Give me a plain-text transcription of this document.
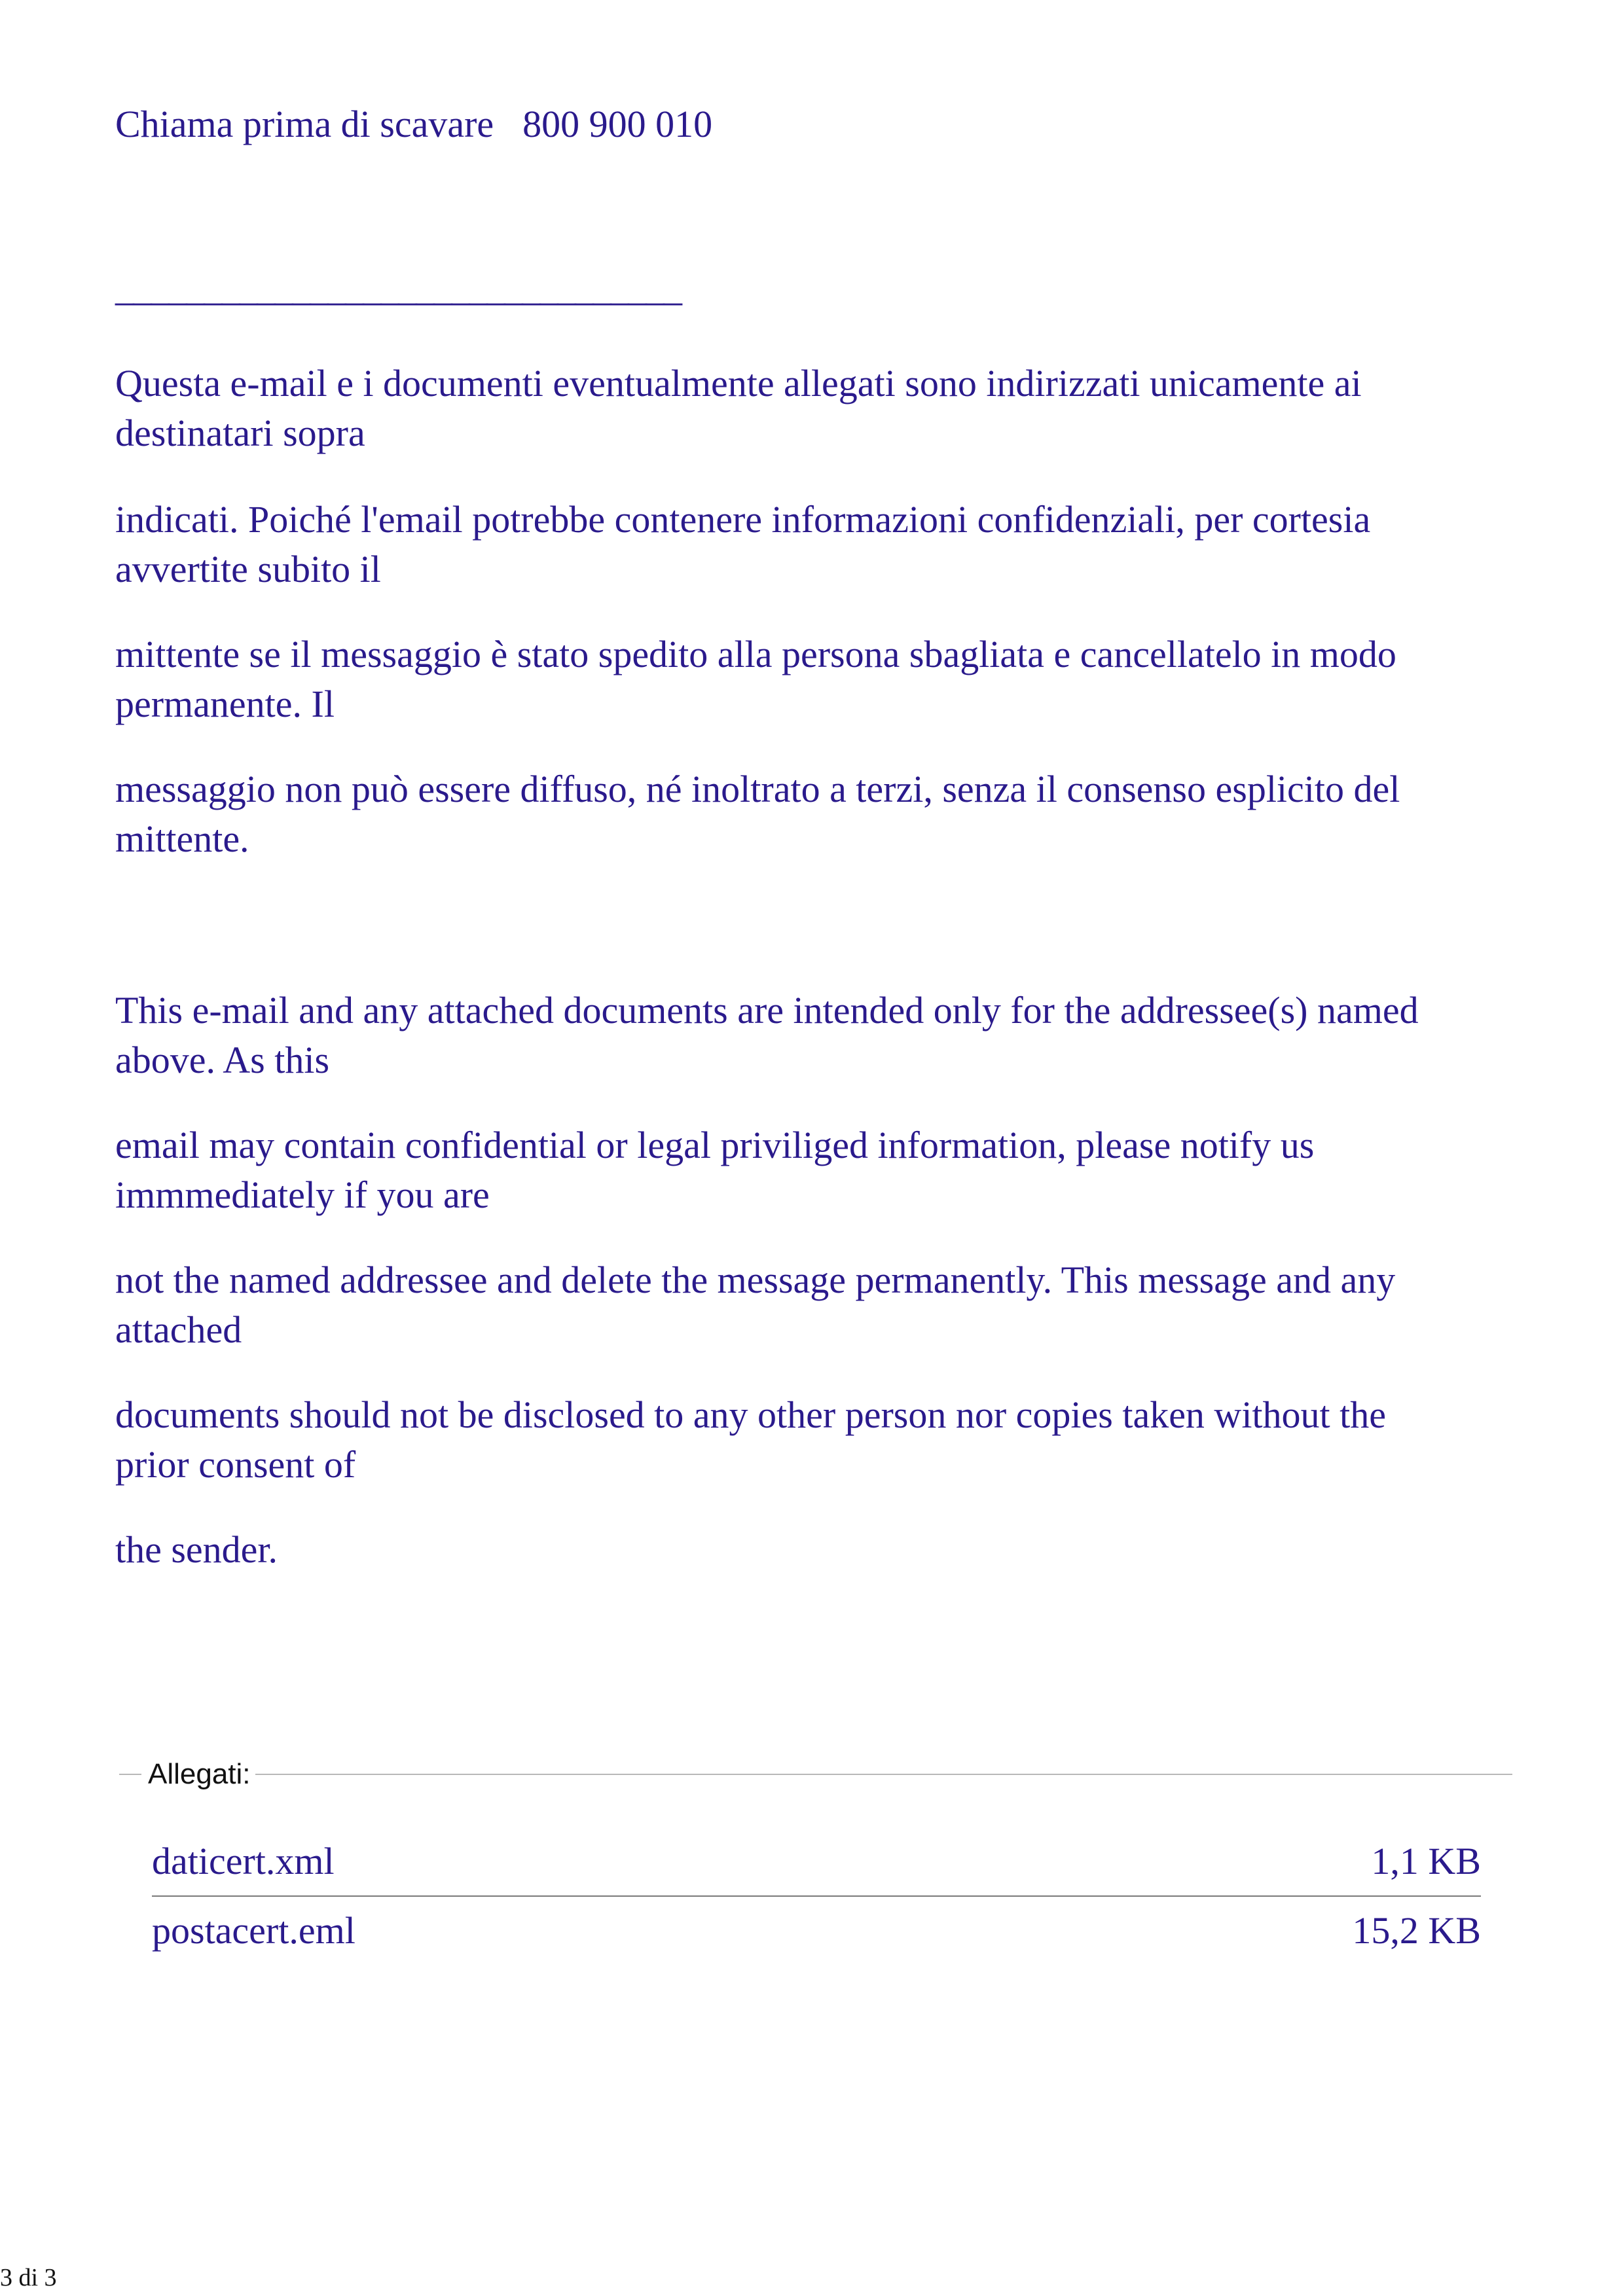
Chiama prima di scavare 800 900 010
________________________________

Questa e-mail e i documenti eventualmente allegati sono indirizzati unicamente ai
destinatari sopra

indicati. Poiché l'email potrebbe contenere informazioni confidenziali, per cortesia
avvertite subito il

mittente se il messaggio è stato spedito alla persona sbagliata e cancellatelo in modo
permanente. Il

messaggio non può essere diffuso, né inoltrato a terzi, senza il consenso esplicito del
mittente.

This e-mail and any attached documents are intended only for the addressee(s) named
above. As this

email may contain confidential or legal priviliged information, please notify us
immmediately if you are

not the named addressee and delete the message permanently. This message and any
attached

documents should not be disclosed to any other person nor copies taken without the
prior consent of

the sender.

Allegati:
daticert.xml	1,1 KB
postacert.eml	15,2 KB
3 di 3
